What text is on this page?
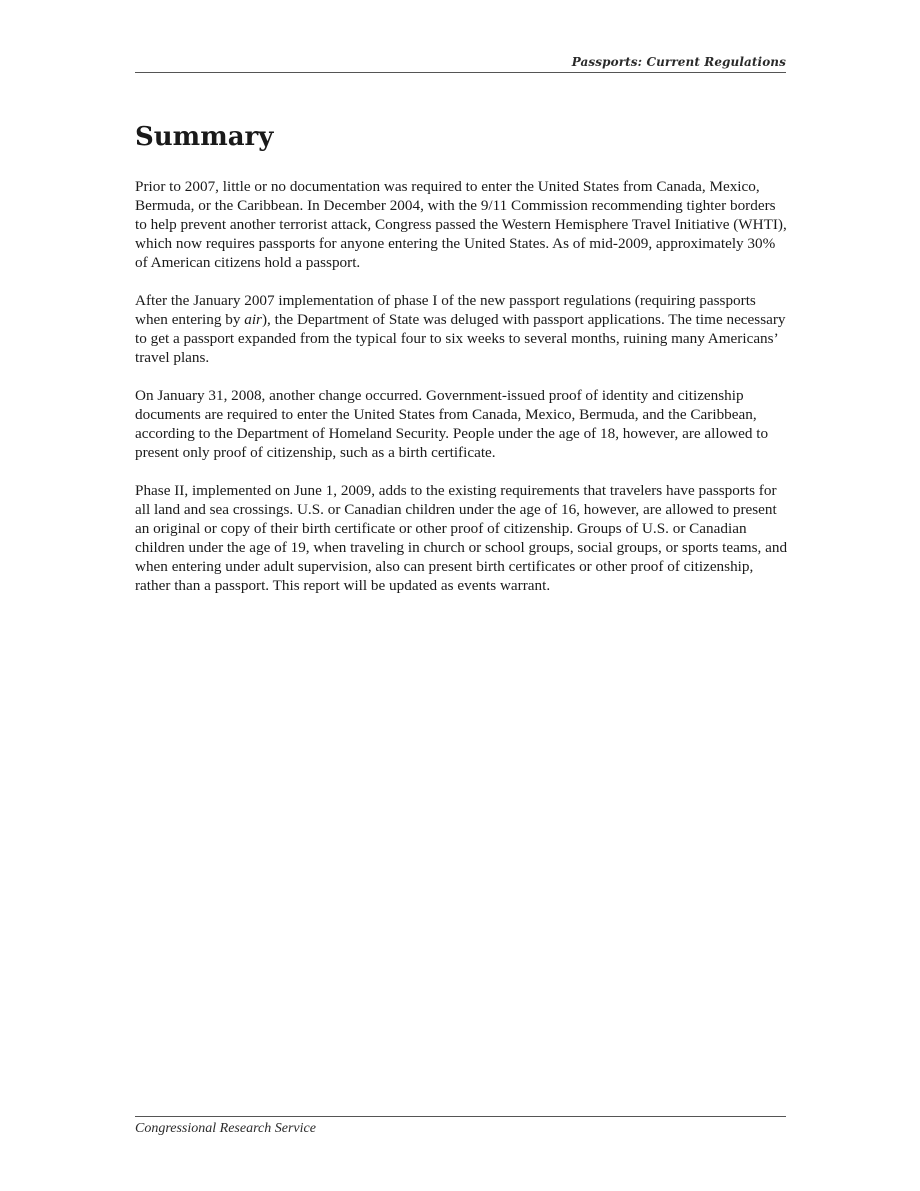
Passports: Current Regulations
Summary

Prior to 2007, little or no documentation was required to enter the United States from Canada, Mexico, Bermuda, or the Caribbean. In December 2004, with the 9/11 Commission recommending tighter borders to help prevent another terrorist attack, Congress passed the Western Hemisphere Travel Initiative (WHTI), which now requires passports for anyone entering the United States. As of mid-2009, approximately 30% of American citizens hold a passport.

After the January 2007 implementation of phase I of the new passport regulations (requiring passports when entering by air), the Department of State was deluged with passport applications. The time necessary to get a passport expanded from the typical four to six weeks to several months, ruining many Americans’ travel plans.

On January 31, 2008, another change occurred. Government-issued proof of identity and citizenship documents are required to enter the United States from Canada, Mexico, Bermuda, and the Caribbean, according to the Department of Homeland Security. People under the age of 18, however, are allowed to present only proof of citizenship, such as a birth certificate.

Phase II, implemented on June 1, 2009, adds to the existing requirements that travelers have passports for all land and sea crossings. U.S. or Canadian children under the age of 16, however, are allowed to present an original or copy of their birth certificate or other proof of citizenship. Groups of U.S. or Canadian children under the age of 19, when traveling in church or school groups, social groups, or sports teams, and when entering under adult supervision, also can present birth certificates or other proof of citizenship, rather than a passport. This report will be updated as events warrant.

Congressional Research Service
